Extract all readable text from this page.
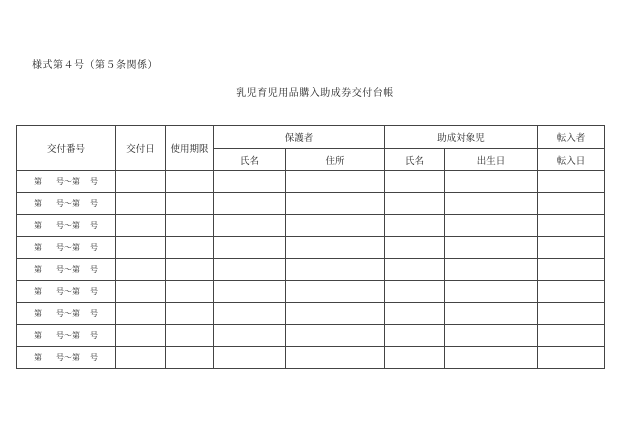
様式第４号（第５条関係）
乳児育児用品購入助成券交付台帳
交付番号	交付日	使用期限	保護者		助成対象児		転入者
			氏名	住所	氏名	出生日	転入日
第 号～第 号							
第 号～第 号							
第 号～第 号							
第 号～第 号							
第 号～第 号							
第 号～第 号							
第 号～第 号							
第 号～第 号							
第 号～第 号							
